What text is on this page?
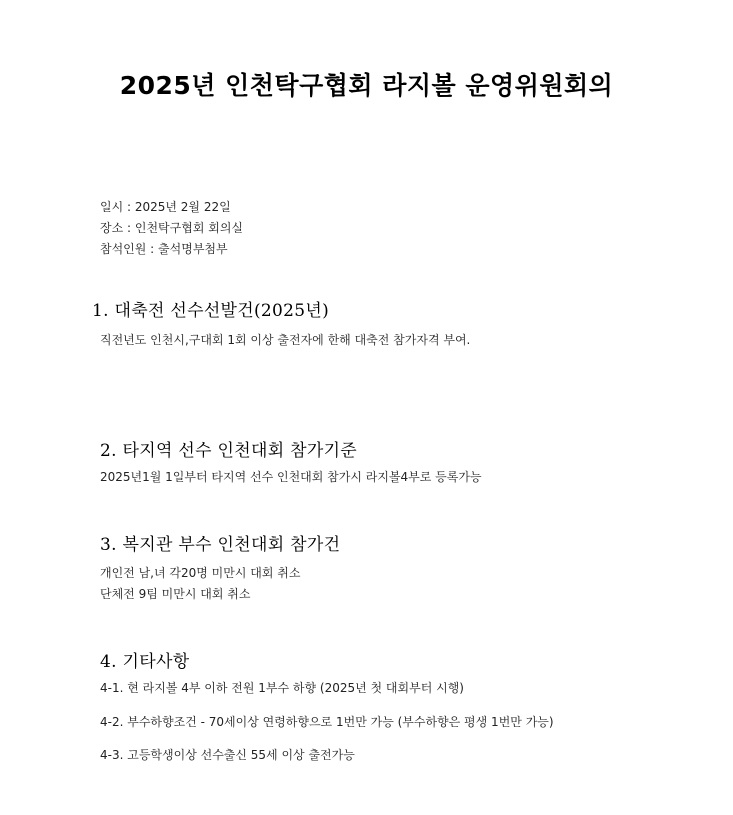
2025년 인천탁구협회 라지볼 운영위원회의
일시 : 2025년 2월 22일
장소 : 인천탁구협회 회의실
참석인원 : 출석명부첨부
1. 대축전 선수선발건(2025년)
직전년도 인천시,구대회 1회 이상 출전자에 한해 대축전 참가자격 부여.
2. 타지역 선수 인천대회 참가기준
2025년1월 1일부터 타지역 선수 인천대회 참가시 라지볼4부로 등록가능
3. 복지관 부수 인천대회 참가건
개인전 남,녀 각20명 미만시 대회 취소
단체전 9팀 미만시 대회 취소
4. 기타사항
4-1. 현 라지볼 4부 이하 전원 1부수 하향 (2025년 첫 대회부터 시행)
4-2. 부수하향조건 - 70세이상 연령하향으로 1번만 가능 (부수하향은 평생 1번만 가능)
4-3. 고등학생이상 선수출신 55세 이상 출전가능
